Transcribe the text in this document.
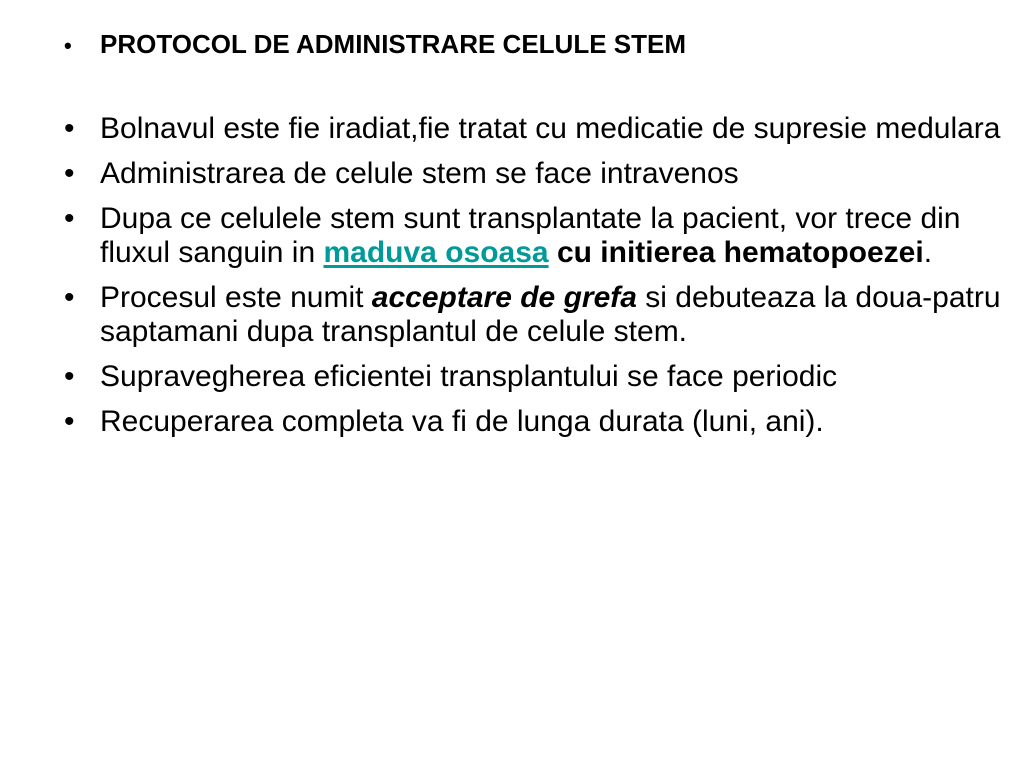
•	PROTOCOL DE ADMINISTRARE CELULE STEM
• Bolnavul este fie iradiat,fie tratat cu medicatie de supresie medulara
• Administrarea de celule stem se face intravenos
• Dupa ce celulele stem sunt transplantate la pacient, vor trece din fluxul sanguin in maduva osoasa cu initierea hematopoezei.
• Procesul este numit acceptare de grefa si debuteaza la doua-patru saptamani dupa transplantul de celule stem.
• Supravegherea eficientei transplantului se face periodic
• Recuperarea completa va fi de lunga durata (luni, ani).
